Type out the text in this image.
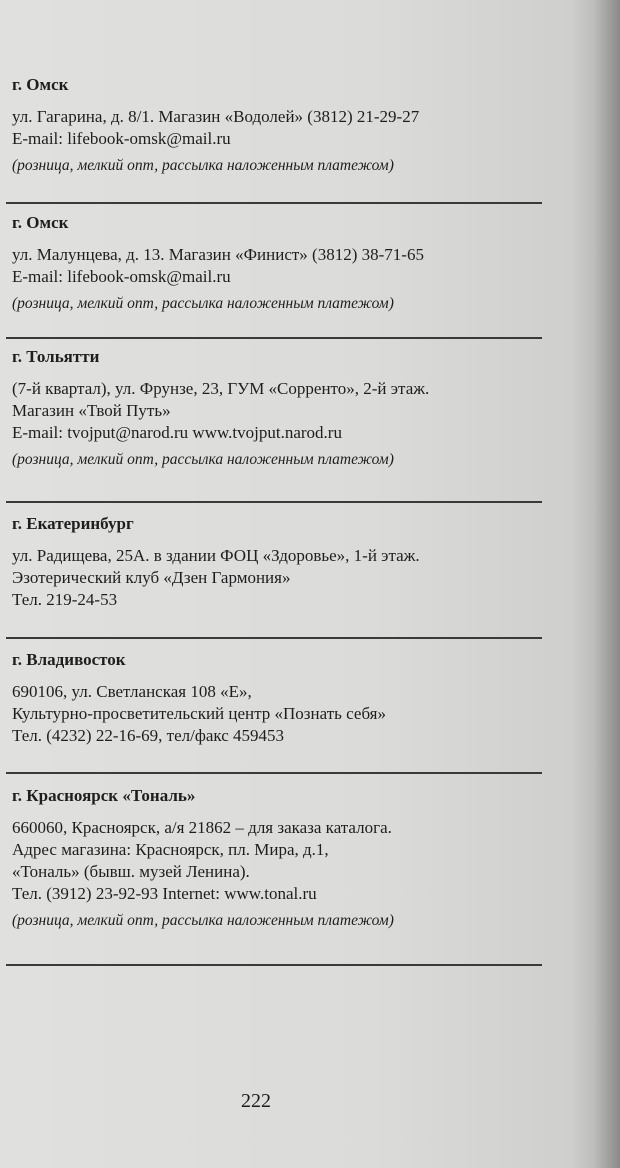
г. Омск
ул. Гагарина, д. 8/1. Магазин «Водолей» (3812) 21-29-27
E-mail: lifebook-omsk@mail.ru
(розница, мелкий опт, рассылка наложенным платежом)
г. Омск
ул. Малунцева, д. 13. Магазин «Финист» (3812) 38-71-65
E-mail: lifebook-omsk@mail.ru
(розница, мелкий опт, рассылка наложенным платежом)
г. Тольятти
(7-й квартал), ул. Фрунзе, 23, ГУМ «Сорренто», 2-й этаж.
Магазин «Твой Путь»
E-mail: tvojput@narod.ru www.tvojput.narod.ru
(розница, мелкий опт, рассылка наложенным платежом)
г. Екатеринбург
ул. Радищева, 25А. в здании ФОЦ «Здоровье», 1-й этаж.
Эзотерический клуб «Дзен Гармония»
Тел. 219-24-53
г. Владивосток
690106, ул. Светланская 108 «Е»,
Культурно-просветительский центр «Познать себя»
Тел. (4232) 22-16-69, тел/факс 459453
г. Красноярск «Тональ»
660060, Красноярск, а/я 21862 – для заказа каталога.
Адрес магазина: Красноярск, пл. Мира, д.1,
«Тональ» (бывш. музей Ленина).
Тел. (3912) 23-92-93 Internet: www.tonal.ru
(розница, мелкий опт, рассылка наложенным платежом)
222
